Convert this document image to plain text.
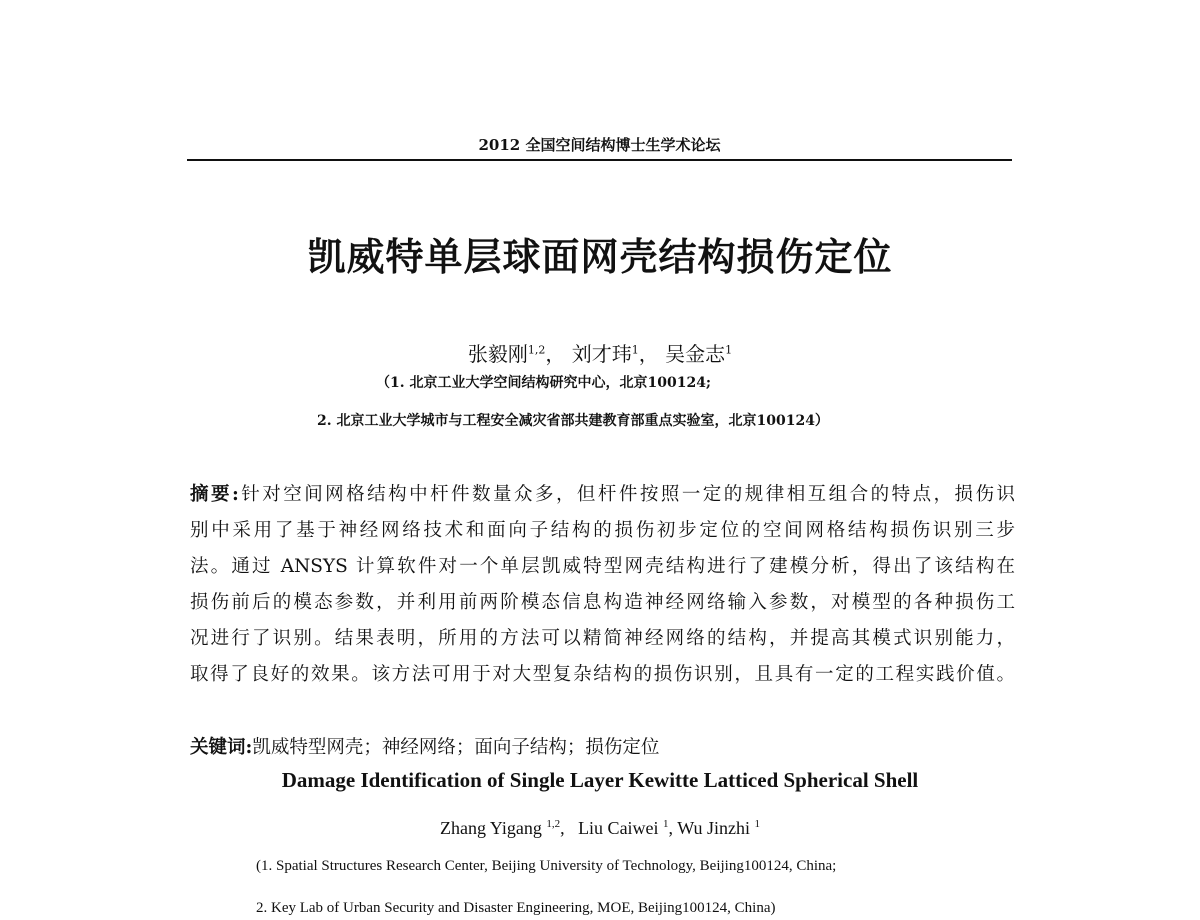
2012 全国空间结构博士生学术论坛
凯威特单层球面网壳结构损伤定位
张毅刚$^{1,2}$， 刘才玮$^1$， 吴金志$^1$
（1. 北京工业大学空间结构研究中心，北京100124;
2. 北京工业大学城市与工程安全减灾省部共建教育部重点实验室，北京100124）
摘要:针对空间网格结构中杆件数量众多，但杆件按照一定的规律相互组合的特点，损伤识
别中采用了基于神经网络技术和面向子结构的损伤初步定位的空间网格结构损伤识别三步
法。通过 ANSYS 计算软件对一个单层凯威特型网壳结构进行了建模分析，得出了该结构在
损伤前后的模态参数，并利用前两阶模态信息构造神经网络输入参数，对模型的各种损伤工
况进行了识别。结果表明，所用的方法可以精简神经网络的结构，并提高其模式识别能力，
取得了良好的效果。该方法可用于对大型复杂结构的损伤识别，且具有一定的工程实践价值。
关键词:凯威特型网壳；神经网络；面向子结构；损伤定位
Damage Identification of Single Layer Kewitte Latticed Spherical Shell
Zhang Yigang $^{1,2}$,   Liu Caiwei $^1$, Wu Jinzhi $^1$
(1. Spatial Structures Research Center, Beijing University of Technology, Beijing100124, China;
2. Key Lab of Urban Security and Disaster Engineering, MOE, Beijing100124, China)
